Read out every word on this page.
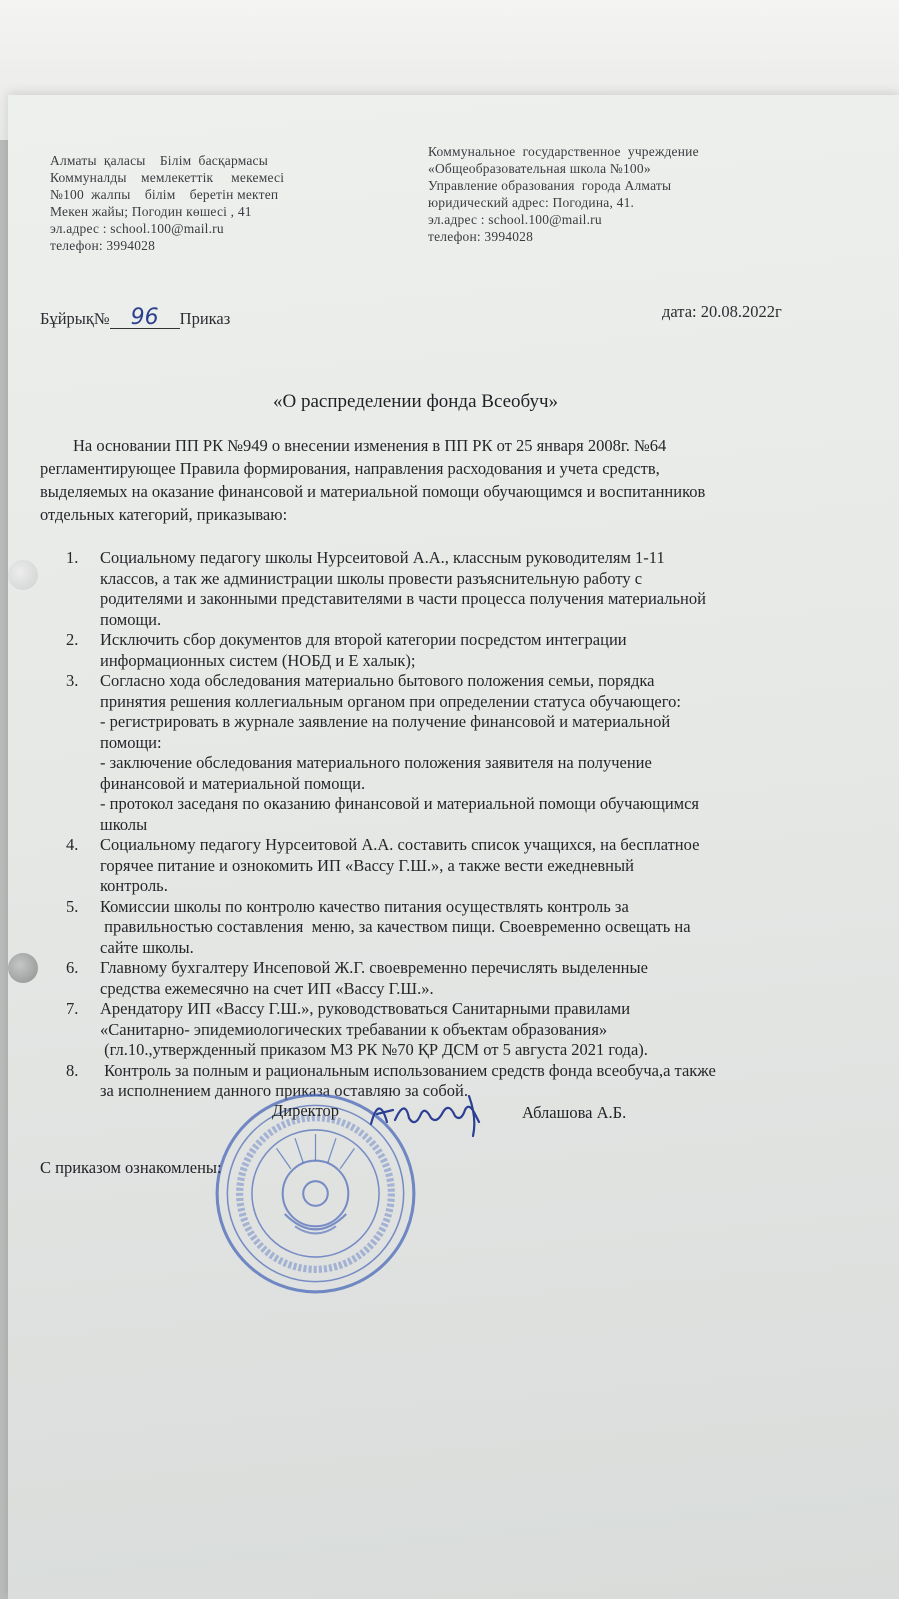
Алматы  қаласы    Білім  басқармасы
Коммуналды    мемлекеттік     мекемесі
№100  жалпы    білім    беретін мектеп
Мекен жайы; Погодин көшесі , 41
эл.адрес : school.100@mail.ru
телефон: 3994028
Коммунальное  государственное  учреждение
«Общеобразовательная школа №100»
Управление образования  города Алматы
юридический адрес: Погодина, 41.
эл.адрес : school.100@mail.ru
телефон: 3994028
Бұйрық№ 96 Приказ	дата: 20.08.2022г
«О распределении фонда Всеобуч»
На основании ПП РК №949 о внесении изменения в ПП РК от 25 января 2008г. №64
регламентирующее Правила формирования, направления расходования и учета средств,
выделяемых на оказание финансовой и материальной помощи обучающимся и воспитанников
отдельных категорий, приказываю:
1. Социальному педагогу школы Нурсеитовой А.А., классным руководителям 1-11
классов, а так же администрации школы провести разъяснительную работу с
родителями и законными представителями в части процесса получения материальной
помощи.
2. Исключить сбор документов для второй категории посредстом интеграции
информационных систем (НОБД и Е халык);
3. Согласно хода обследования материально бытового положения семьи, порядка
принятия решения коллегиальным органом при определении статуса обучающего:
- регистрировать в журнале заявление на получение финансовой и материальной
помощи:
- заключение обследования материального положения заявителя на получение
финансовой и материальной помощи.
- протокол заседаня по оказанию финансовой и материальной помощи обучающимся
школы
4. Социальному педагогу Нурсеитовой А.А. составить список учащихся, на бесплатное
горячее питание и ознокомить ИП «Вассу Г.Ш.», а также вести ежедневный
контроль.
5. Комиссии школы по контролю качество питания осуществлять контроль за
правильностью составления  меню, за качеством пищи. Своевременно освещать на
сайте школы.
6. Главному бухгалтеру Инсеповой Ж.Г. своевременно перечислять выделенные
средства ежемесячно на счет ИП «Вассу Г.Ш.».
7. Арендатору ИП «Вассу Г.Ш.», руководствоваться Санитарными правилами
«Санитарно- эпидемиологических требавании к объектам образования»
(гл.10.,утвержденный приказом МЗ РК №70 ҚР ДСМ от 5 августа 2021 года).
8. Контроль за полным и рациональным использованием средств фонда всеобуча,а также
за исполнением данного приказа оставляю за собой.
Директор	Аблашова А.Б.
С приказом ознакомлены:
